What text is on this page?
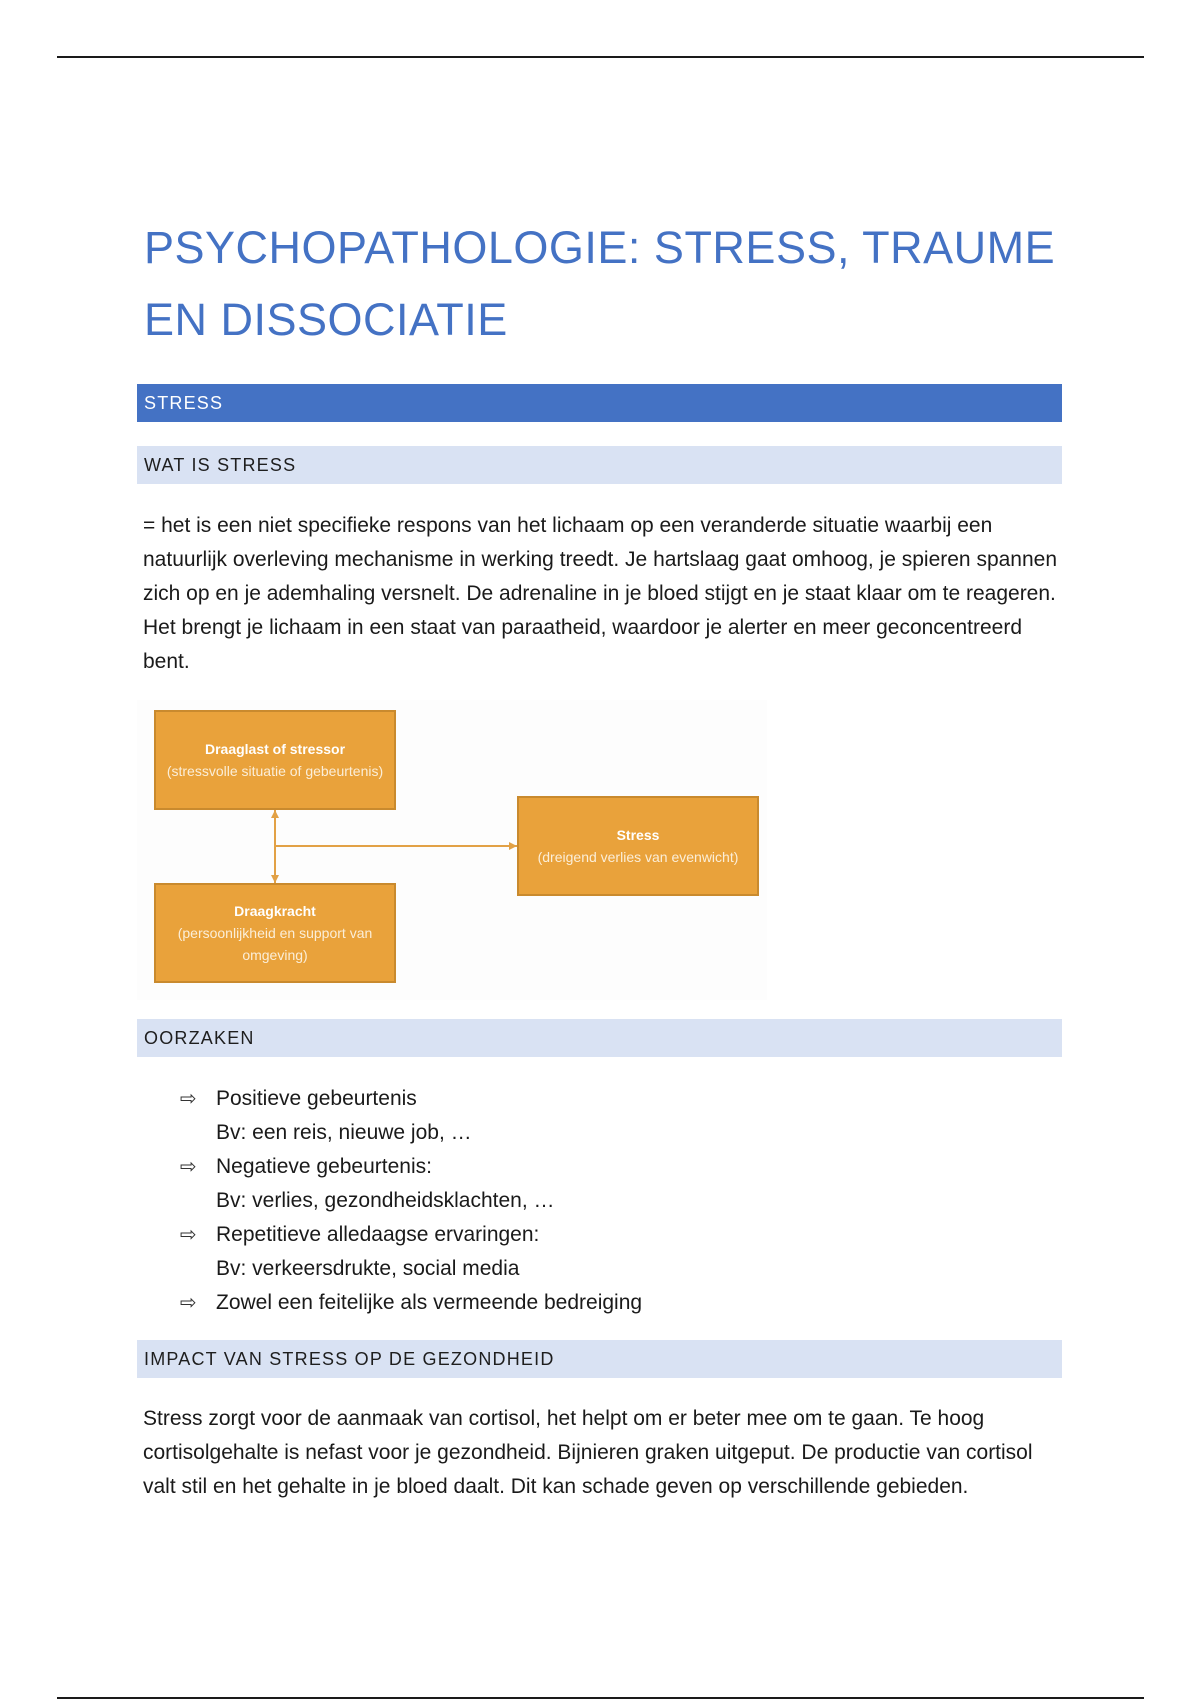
PSYCHOPATHOLOGIE: STRESS, TRAUME
EN DISSOCIATIE
STRESS
WAT IS STRESS

= het is een niet specifieke respons van het lichaam op een veranderde situatie waarbij een natuurlijk overleving mechanisme in werking treedt. Je hartslaag gaat omhoog, je spieren spannen zich op en je ademhaling versnelt. De adrenaline in je bloed stijgt en je staat klaar om te reageren. Het brengt je lichaam in een staat van paraatheid, waardoor je alerter en meer geconcentreerd bent.

Draaglast of stressor
(stressvolle situatie of gebeurtenis)
Draagkracht
(persoonlijkheid en support van omgeving)
Stress
(dreigend verlies van evenwicht)
OORZAKEN
⇨ Positieve gebeurtenis
Bv: een reis, nieuwe job, …
⇨ Negatieve gebeurtenis:
Bv: verlies, gezondheidsklachten, …
⇨ Repetitieve alledaagse ervaringen:
Bv: verkeersdrukte, social media
⇨ Zowel een feitelijke als vermeende bedreiging
IMPACT VAN STRESS OP DE GEZONDHEID

Stress zorgt voor de aanmaak van cortisol, het helpt om er beter mee om te gaan. Te hoog cortisolgehalte is nefast voor je gezondheid. Bijnieren graken uitgeput. De productie van cortisol valt stil en het gehalte in je bloed daalt. Dit kan schade geven op verschillende gebieden.
